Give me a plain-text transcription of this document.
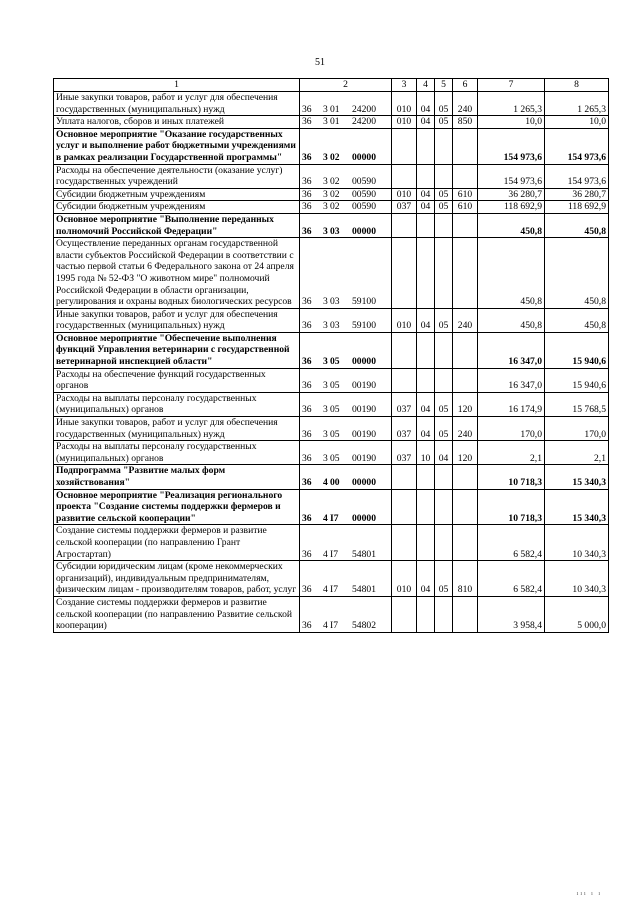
51
1	2	3	4	5	6	7	8
Иные закупки товаров, работ и услуг для обеспечения государственных (муниципальных) нужд	36 3 01 24200	010	04	05	240	1 265,3	1 265,3
Уплата налогов, сборов и иных платежей	36 3 01 24200	010	04	05	850	10,0	10,0
Основное мероприятие "Оказание государственных услуг и выполнение работ бюджетными учреждениями в рамках реализации Государственной программы"	36 3 02 00000					154 973,6	154 973,6
Расходы на обеспечение деятельности (оказание услуг) государственных учреждений	36 3 02 00590					154 973,6	154 973,6
Субсидии бюджетным учреждениям	36 3 02 00590	010	04	05	610	36 280,7	36 280,7
Субсидии бюджетным учреждениям	36 3 02 00590	037	04	05	610	118 692,9	118 692,9
Основное мероприятие "Выполнение переданных полномочий Российской Федерации"	36 3 03 00000					450,8	450,8
Осуществление переданных органам государственной власти субъектов Российской Федерации в соответствии с частью первой статьи 6 Федерального закона от 24 апреля 1995 года № 52-ФЗ "О животном мире" полномочий Российской Федерации в области организации, регулирования и охраны водных биологических ресурсов	36 3 03 59100					450,8	450,8
Иные закупки товаров, работ и услуг для обеспечения государственных (муниципальных) нужд	36 3 03 59100	010	04	05	240	450,8	450,8
Основное мероприятие "Обеспечение выполнения функций Управления ветеринарии с государственной ветеринарной инспекцией области"	36 3 05 00000					16 347,0	15 940,6
Расходы на обеспечение функций государственных органов	36 3 05 00190					16 347,0	15 940,6
Расходы на выплаты персоналу государственных (муниципальных) органов	36 3 05 00190	037	04	05	120	16 174,9	15 768,5
Иные закупки товаров, работ и услуг для обеспечения государственных (муниципальных) нужд	36 3 05 00190	037	04	05	240	170,0	170,0
Расходы на выплаты персоналу государственных (муниципальных) органов	36 3 05 00190	037	10	04	120	2,1	2,1
Подпрограмма "Развитие малых форм хозяйствования"	36 4 00 00000					10 718,3	15 340,3
Основное мероприятие "Реализация регионального проекта "Создание системы поддержки фермеров и развитие сельской кооперации"	36 4 I7 00000					10 718,3	15 340,3
Создание системы поддержки фермеров и развитие сельской кооперации (по направлению Грант Агростартап)	36 4 I7 54801					6 582,4	10 340,3
Субсидии юридическим лицам (кроме некоммерческих организаций), индивидуальным предпринимателям, физическим лицам - производителям товаров, работ, услуг	36 4 I7 54801	010	04	05	810	6 582,4	10 340,3
Создание системы поддержки фермеров и развитие сельской кооперации (по направлению Развитие сельской кооперации)	36 4 I7 54802					3 958,4	5 000,0
ııı ı ı
